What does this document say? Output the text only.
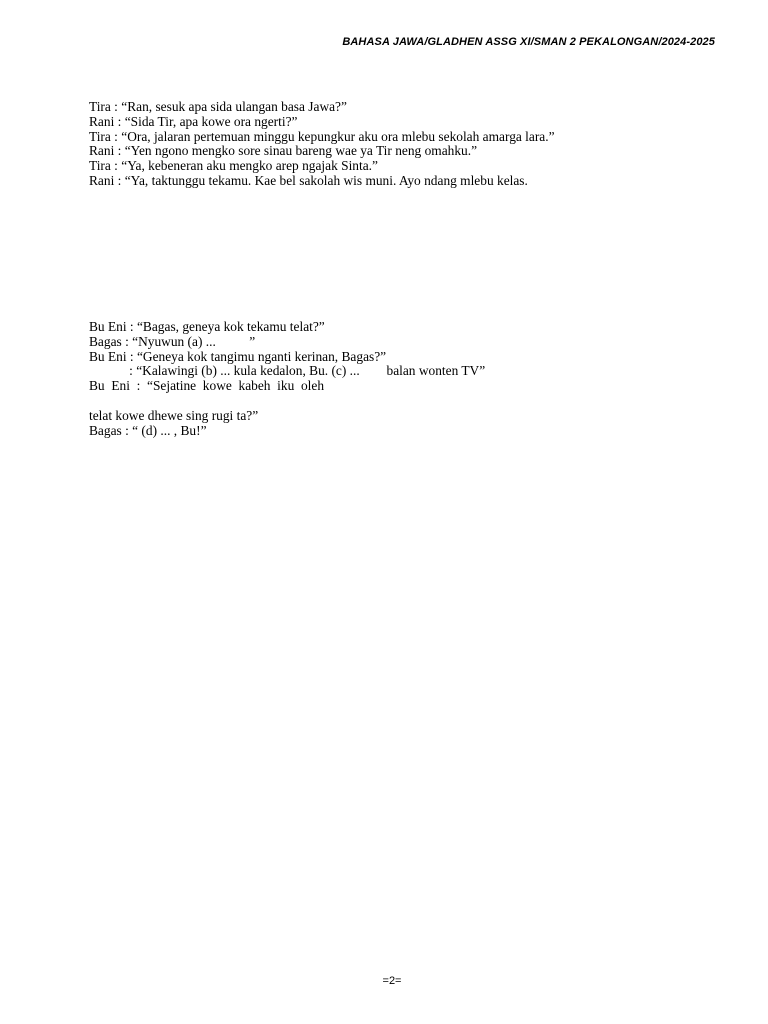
BAHASA JAWA/GLADHEN ASSG XI/SMAN 2 PEKALONGAN/2024-2025
Tira : “Ran, sesuk apa sida ulangan basa Jawa?”
Rani : “Sida Tir, apa kowe ora ngerti?”
Tira : “Ora, jalaran pertemuan minggu kepungkur aku ora mlebu sekolah amarga lara.”
Rani : “Yen ngono mengko sore sinau bareng wae ya Tir neng omahku.”
Tira : “Ya, kebeneran aku mengko arep ngajak Sinta.”
Rani : “Ya, taktunggu tekamu. Kae bel sakolah wis muni. Ayo ndang mlebu kelas.
Bu Eni : “Bagas, geneya kok tekamu telat?”
Bagas : “Nyuwun (a) ...          ”
Bu Eni : “Geneya kok tangimu nganti kerinan, Bagas?”
: “Kalawingi (b) ... kula kedalon, Bu. (c) ...        balan wonten TV”
Bu  Eni  :  “Sejatine  kowe  kabeh  iku  oleh
telat kowe dhewe sing rugi ta?”
Bagas : “ (d) ... , Bu!”
=2=
